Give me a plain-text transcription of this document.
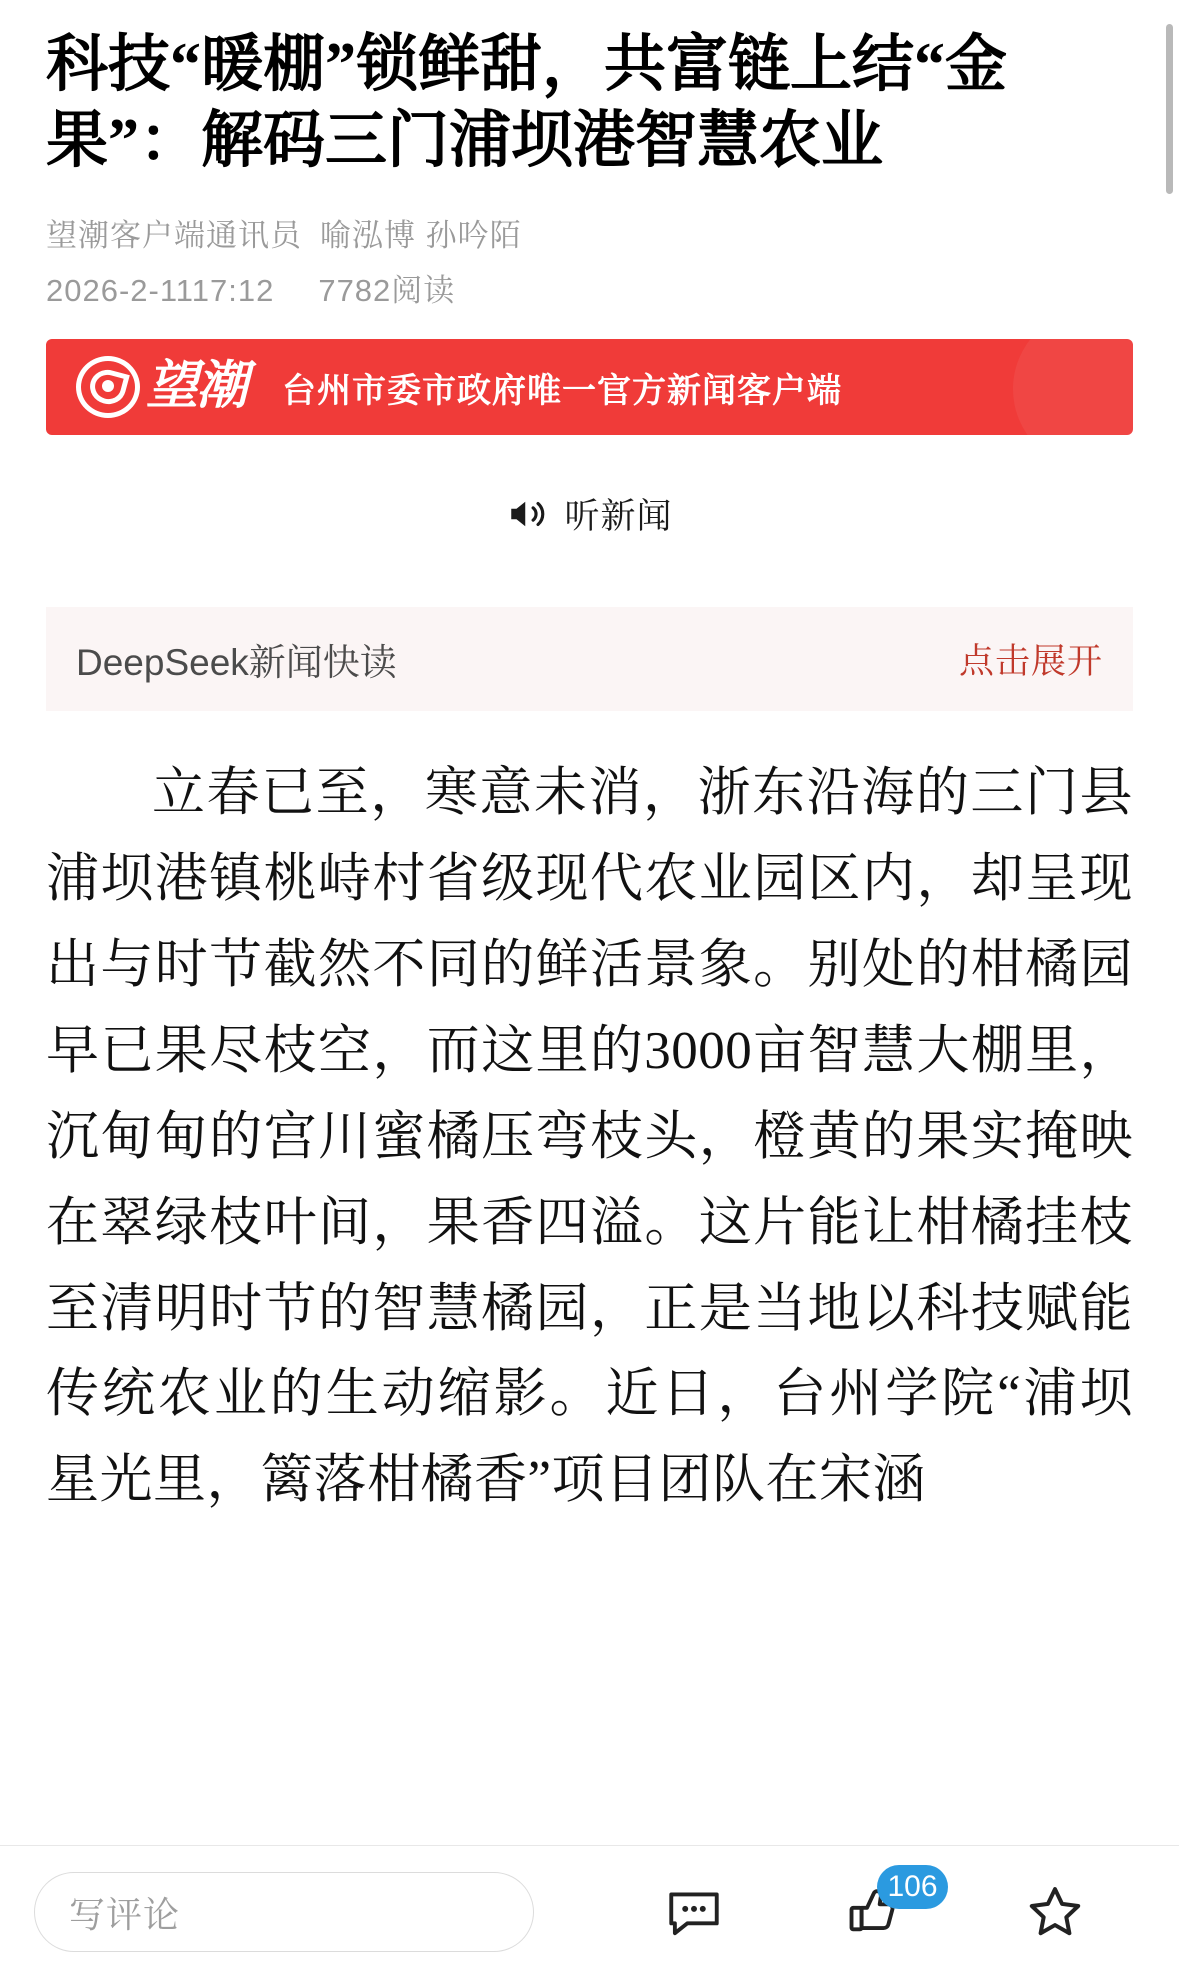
科技“暖棚”锁鲜甜，共富链上结“金果”：解码三门浦坝港智慧农业
望潮客户端通讯员 喻泓博 孙吟陌
2026-2-1117:12 7782阅读
望潮 台州市委市政府唯一官方新闻客户端
听新闻
DeepSeek新闻快读	点击展开

立春已至，寒意未消，浙东沿海的三门县浦坝港镇桃峙村省级现代农业园区内，却呈现出与时节截然不同的鲜活景象。别处的柑橘园早已果尽枝空，而这里的3000亩智慧大棚里，沉甸甸的宫川蜜橘压弯枝头，橙黄的果实掩映在翠绿枝叶间，果香四溢。这片能让柑橘挂枝至清明时节的智慧橘园，正是当地以科技赋能传统农业的生动缩影。近日，台州学院“浦坝星光里，篱落柑橘香”项目团队在宋涵

写评论
106
